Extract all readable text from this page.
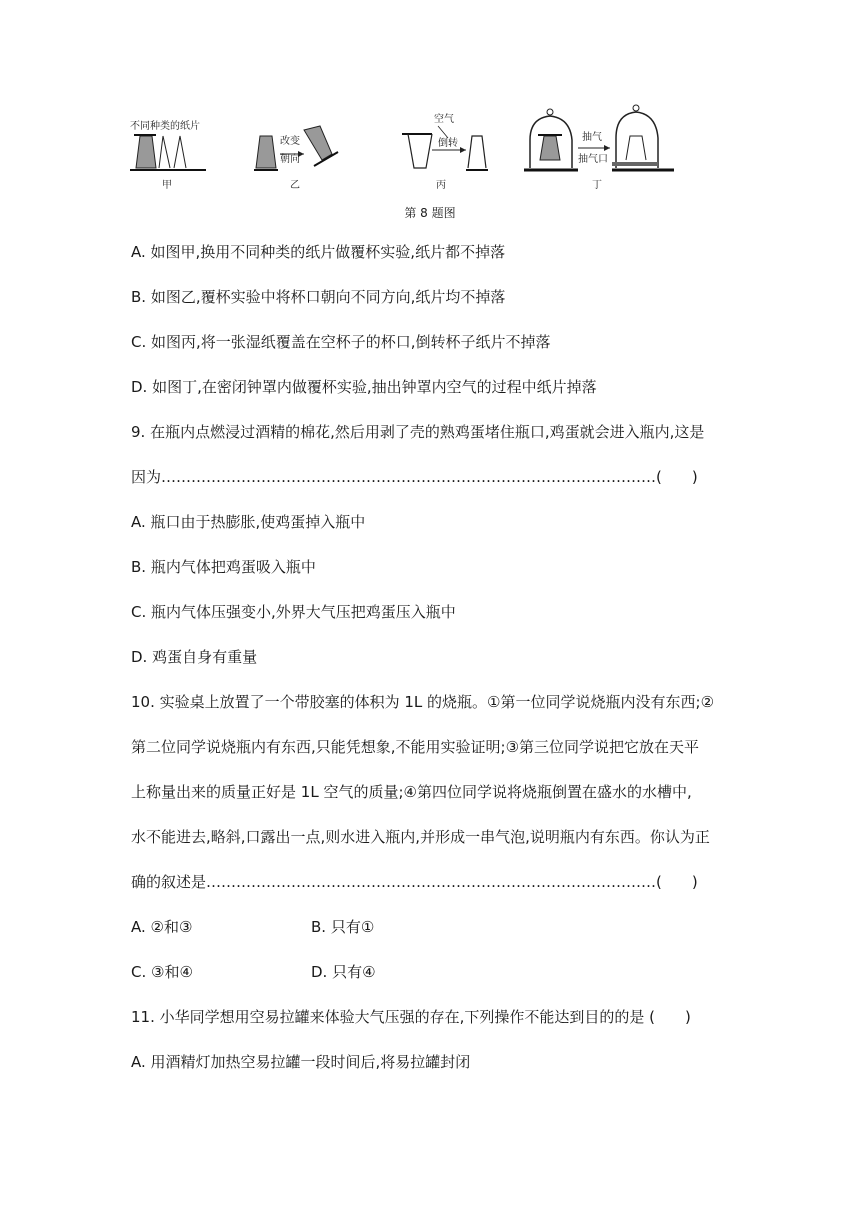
不同种类的纸片
甲
改变
朝向
乙
空气
倒转
丙
抽气
抽气口
丁
第 8 题图
A. 如图甲,换用不同种类的纸片做覆杯实验,纸片都不掉落
B. 如图乙,覆杯实验中将杯口朝向不同方向,纸片均不掉落
C. 如图丙,将一张湿纸覆盖在空杯子的杯口,倒转杯子纸片不掉落
D. 如图丁,在密闭钟罩内做覆杯实验,抽出钟罩内空气的过程中纸片掉落
9. 在瓶内点燃浸过酒精的棉花,然后用剥了壳的熟鸡蛋堵住瓶口,鸡蛋就会进入瓶内,这是
因为………………………………………………………………………………………(　　)
A. 瓶口由于热膨胀,使鸡蛋掉入瓶中
B. 瓶内气体把鸡蛋吸入瓶中
C. 瓶内气体压强变小,外界大气压把鸡蛋压入瓶中
D. 鸡蛋自身有重量
10. 实验桌上放置了一个带胶塞的体积为 1L 的烧瓶。①第一位同学说烧瓶内没有东西;②
第二位同学说烧瓶内有东西,只能凭想象,不能用实验证明;③第三位同学说把它放在天平
上称量出来的质量正好是 1L 空气的质量;④第四位同学说将烧瓶倒置在盛水的水槽中,
水不能进去,略斜,口露出一点,则水进入瓶内,并形成一串气泡,说明瓶内有东西。你认为正
确的叙述是………………………………………………………………………………(　　)
A. ②和③	B. 只有①
C. ③和④	D. 只有④
11. 小华同学想用空易拉罐来体验大气压强的存在,下列操作不能达到目的的是 (　　)
A. 用酒精灯加热空易拉罐一段时间后,将易拉罐封闭
